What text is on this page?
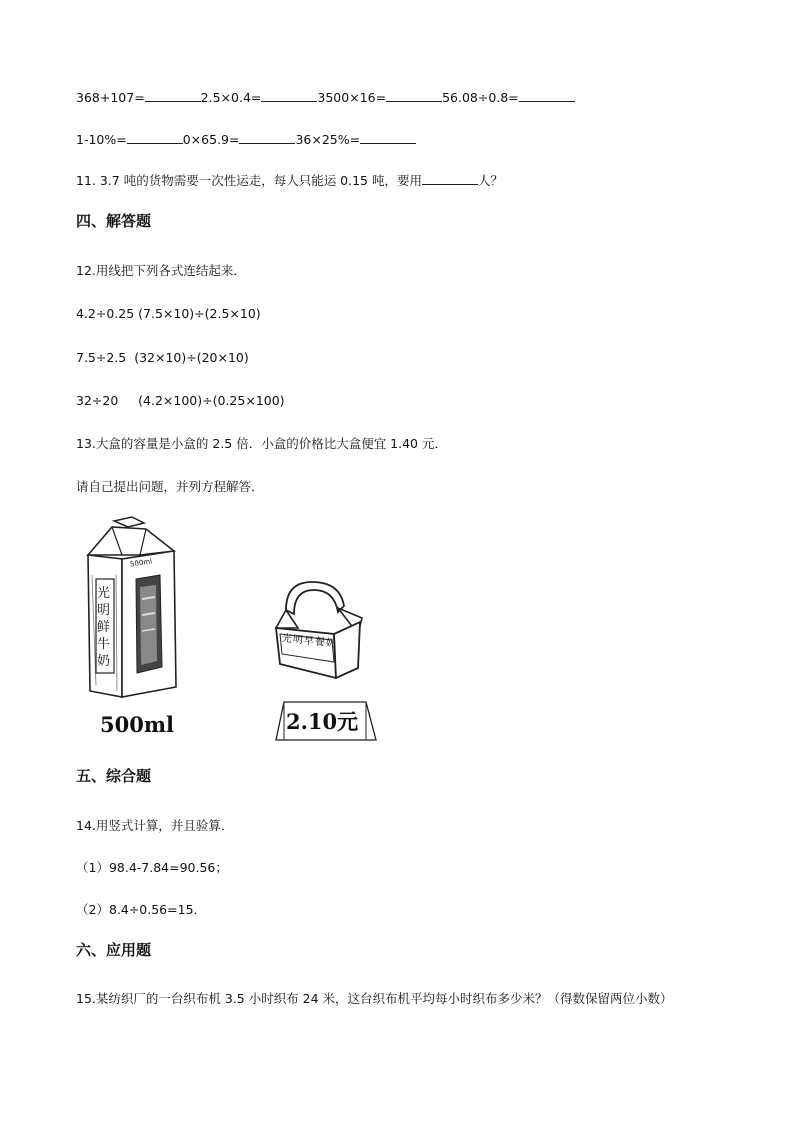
368+107=	2.5×0.4=	3500×16=	56.08÷0.8=
1-10%=	0×65.9=	36×25%=
11. 3.7 吨的货物需要一次性运走，每人只能运 0.15 吨，要用	人？
四、解答题
12.用线把下列各式连结起来．
4.2÷0.25 (7.5×10)÷(2.5×10)
7.5÷2.5 (32×10)÷(20×10)
32÷20 (4.2×100)÷(0.25×100)
13.大盒的容量是小盒的 2.5 倍．小盒的价格比大盒便宜 1.40 元．
请自己提出问题，并列方程解答．
500ml
光明鲜牛奶
500ml
光明早餐奶
2.10元
五、综合题
14.用竖式计算，并且验算．
（1）98.4-7.84=90.56；
（2）8.4÷0.56=15．
六、应用题
15.某纺织厂的一台织布机 3.5 小时织布 24 米，这台织布机平均每小时织布多少米？（得数保留两位小数）
